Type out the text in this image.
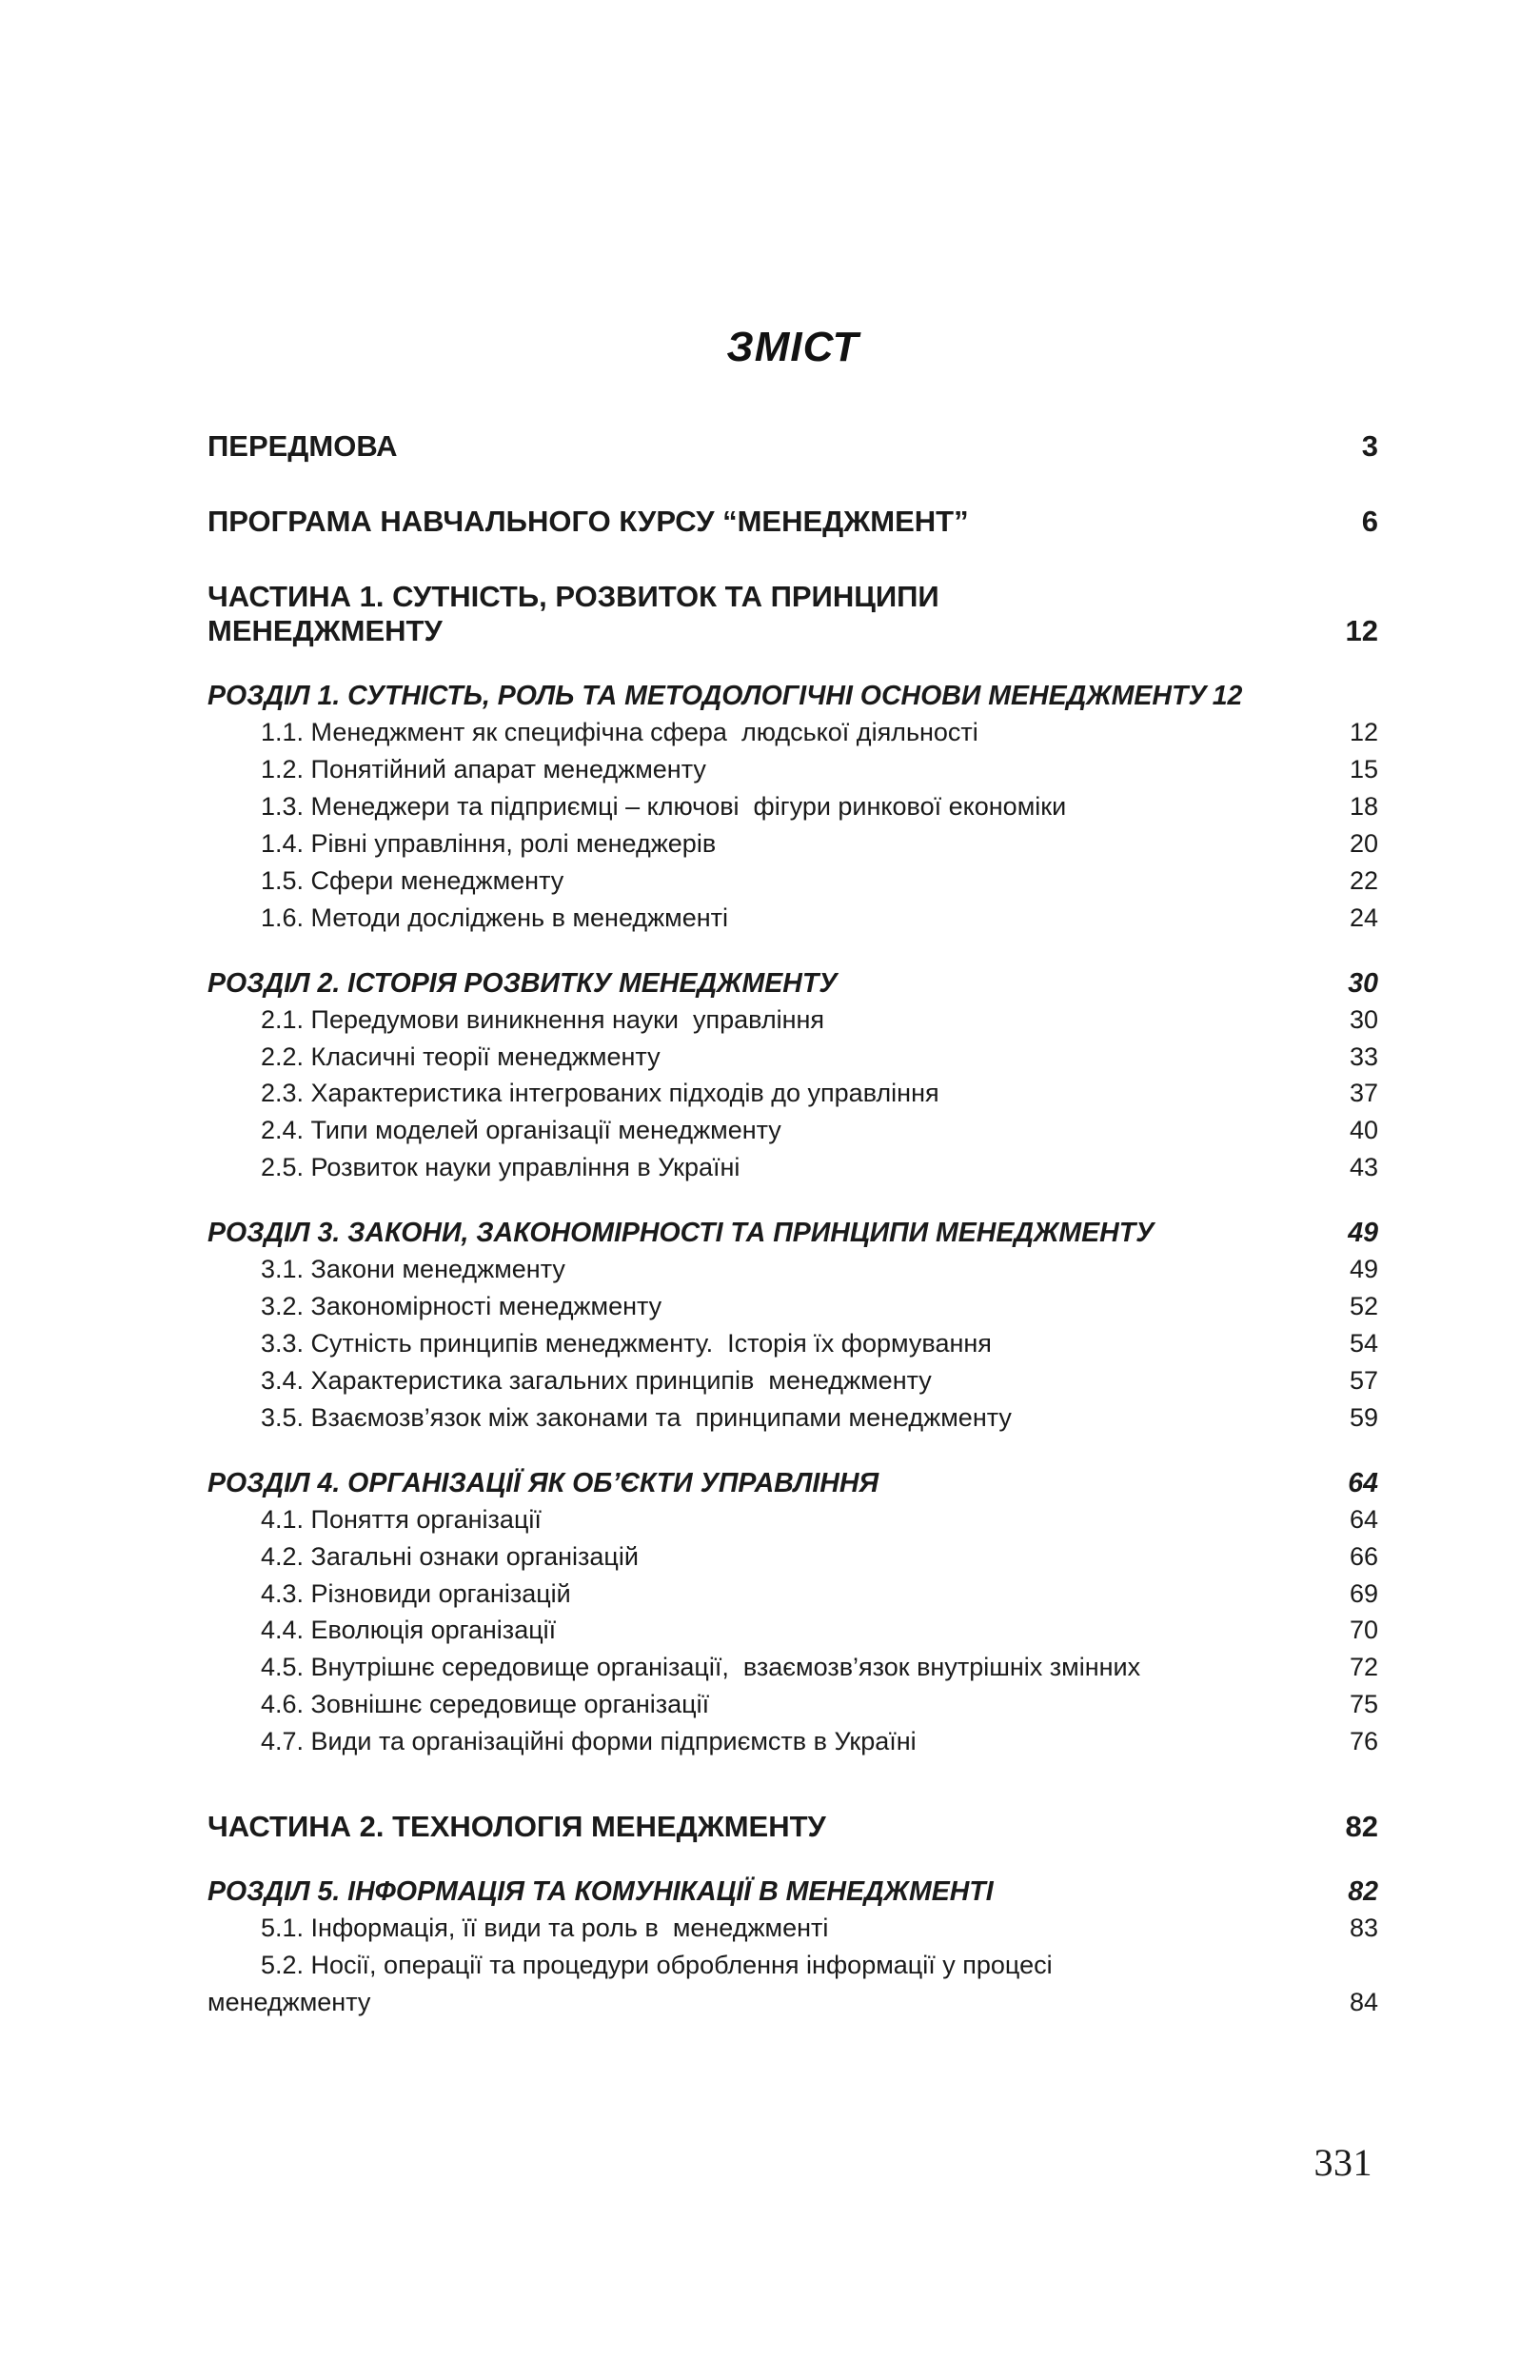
ЗМІСТ
ПЕРЕДМОВА	3
ПРОГРАМА НАВЧАЛЬНОГО КУРСУ “МЕНЕДЖМЕНТ”	6
ЧАСТИНА 1. СУТНІСТЬ, РОЗВИТОК ТА ПРИНЦИПИ
МЕНЕДЖМЕНТУ	12
РОЗДІЛ 1. СУТНІСТЬ, РОЛЬ ТА МЕТОДОЛОГІЧНІ ОСНОВИ МЕНЕДЖМЕНТУ 12
1.1. Менеджмент як специфічна сфера  людської діяльності	12
1.2. Понятійний апарат менеджменту	15
1.3. Менеджери та підприємці – ключові  фігури ринкової економіки	18
1.4. Рівні управління, ролі менеджерів	20
1.5. Сфери менеджменту	22
1.6. Методи досліджень в менеджменті	24
РОЗДІЛ 2. ІСТОРІЯ РОЗВИТКУ МЕНЕДЖМЕНТУ	30
2.1. Передумови виникнення науки  управління	30
2.2. Класичні теорії менеджменту	33
2.3. Характеристика інтегрованих підходів до управління	37
2.4. Типи моделей організації менеджменту	40
2.5. Розвиток науки управління в Україні	43
РОЗДІЛ 3. ЗАКОНИ, ЗАКОНОМІРНОСТІ ТА ПРИНЦИПИ МЕНЕДЖМЕНТУ	49
3.1. Закони менеджменту	49
3.2. Закономірності менеджменту	52
3.3. Сутність принципів менеджменту.  Історія їх формування	54
3.4. Характеристика загальних принципів  менеджменту	57
3.5. Взаємозв’язок між законами та  принципами менеджменту	59
РОЗДІЛ 4. ОРГАНІЗАЦІЇ ЯК ОБ’ЄКТИ УПРАВЛІННЯ	64
4.1. Поняття організації	64
4.2. Загальні ознаки організацій	66
4.3. Різновиди організацій	69
4.4. Еволюція організації	70
4.5. Внутрішнє середовище організації,  взаємозв’язок внутрішніх змінних	72
4.6. Зовнішнє середовище організації	75
4.7. Види та організаційні форми підприємств в Україні	76
ЧАСТИНА 2. ТЕХНОЛОГІЯ МЕНЕДЖМЕНТУ	82
РОЗДІЛ 5. ІНФОРМАЦІЯ ТА КОМУНІКАЦІЇ В МЕНЕДЖМЕНТІ	82
5.1. Інформація, її види та роль в  менеджменті	83
5.2. Носії, операції та процедури оброблення інформації у процесі
менеджменту	84
331
